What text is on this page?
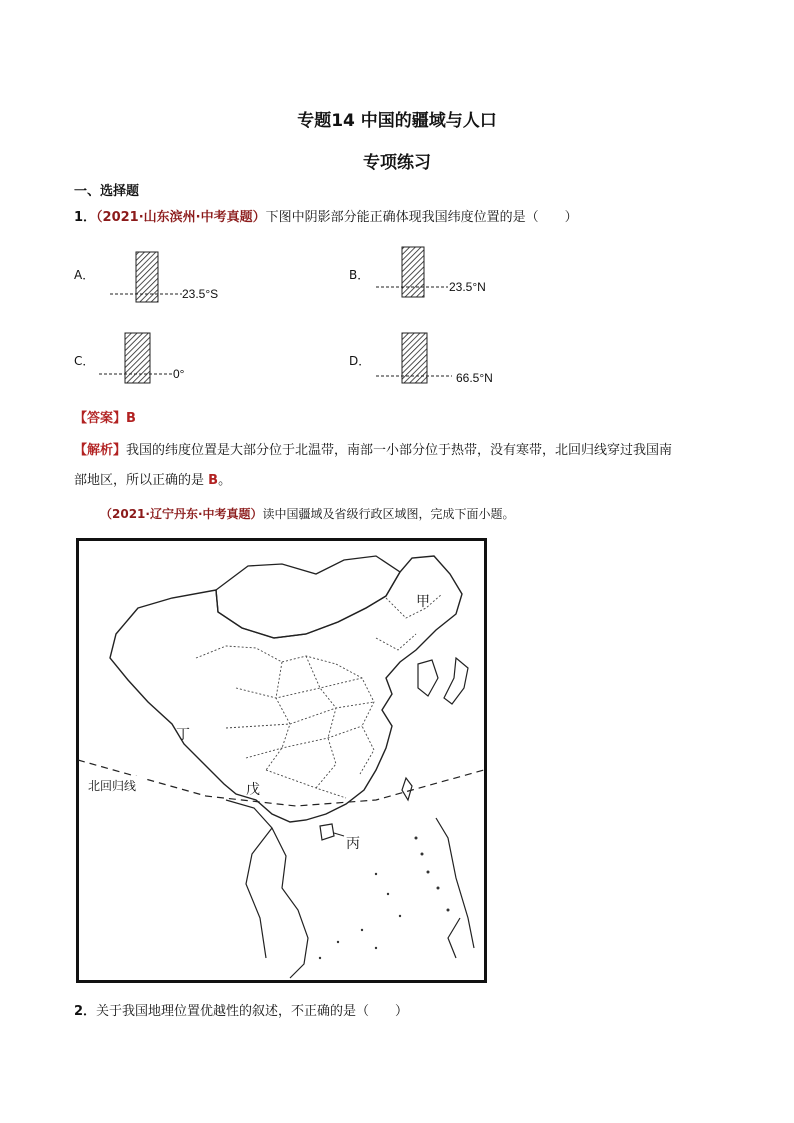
专题14 中国的疆域与人口
专项练习
一、选择题
1．（2021·山东滨州·中考真题）下图中阴影部分能正确体现我国纬度位置的是（　　）
A．
23.5°S
B．
23.5°N
C．
0°
D．
66.5°N
【答案】B
【解析】我国的纬度位置是大部分位于北温带，南部一小部分位于热带，没有寒带，北回归线穿过我国南
部地区，所以正确的是 B。
（2021·辽宁丹东·中考真题）读中国疆域及省级行政区域图，完成下面小题。
甲
丁
戊
丙
北回归线
2．关于我国地理位置优越性的叙述，不正确的是（　　）
